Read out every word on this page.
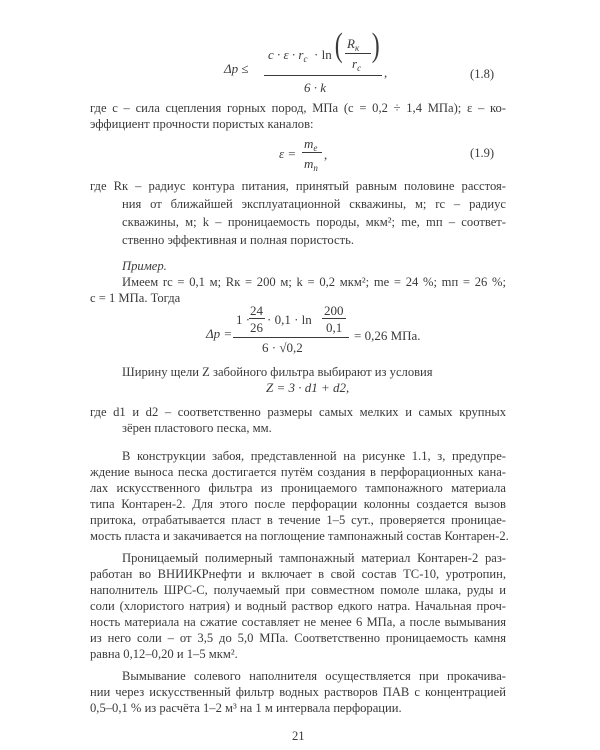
Δp ≤
$c \cdot \varepsilon \cdot r_c \cdot \ln$ ( $R_к$
$r_c$
)
6 · k
,	(1.8)
где c – сила сцепления горных пород, МПа (c = 0,2 ÷ 1,4 МПа); ε – ко-
эффициент прочности пористых каналов:
ε =
$m_e$
$m_п$
,	(1.9)
где Rк – радиус контура питания, принятый равным половине расстоя-
ния от ближайшей эксплуатационной скважины, м; rc – радиус
скважины, м; k – проницаемость породы, мкм²; me, mп – соответ-
ственно эффективная и полная пористость.
Пример.
Имеем rc = 0,1 м; Rк = 200 м; k = 0,2 мкм²; me = 24 %; mп = 26 %;
c = 1 МПа. Тогда
Δp =
1 ·
24
26
· 0,1 · ln
200
0,1
6 · √0,2
= 0,26 МПа.
Ширину щели Z забойного фильтра выбирают из условия
Z = 3 · d1 + d2,
где d1 и d2 – соответственно размеры самых мелких и самых крупных
зёрен пластового песка, мм.
В конструкции забоя, представленной на рисунке 1.1, з, предупре-
ждение выноса песка достигается путём создания в перфорационных кана-
лах искусственного фильтра из проницаемого тампонажного материала
типа Контарен-2. Для этого после перфорации колонны создается вызов
притока, отрабатывается пласт в течение 1–5 сут., проверяется проницае-
мость пласта и закачивается на поглощение тампонажный состав Контарен-2.
Проницаемый полимерный тампонажный материал Контарен-2 раз-
работан во ВНИИКРнефти и включает в свой состав ТС-10, уротропин,
наполнитель ШРС-С, получаемый при совместном помоле шлака, руды и
соли (хлористого натрия) и водный раствор едкого натра. Начальная проч-
ность материала на сжатие составляет не менее 6 МПа, а после вымывания
из него соли – от 3,5 до 5,0 МПа. Соответственно проницаемость камня
равна 0,12–0,20 и 1–5 мкм².
Вымывание солевого наполнителя осуществляется при прокачива-
нии через искусственный фильтр водных растворов ПАВ с концентрацией
0,5–0,1 % из расчёта 1–2 м³ на 1 м интервала перфорации.
21
